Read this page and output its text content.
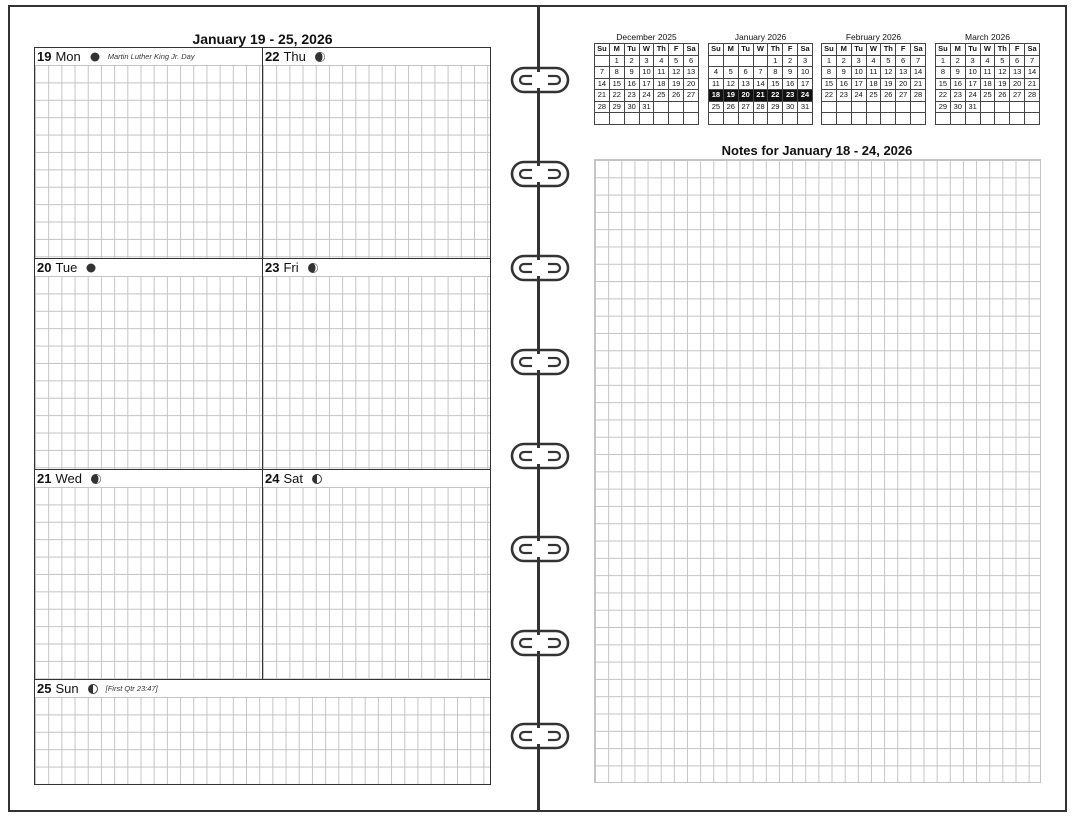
January 19 - 25, 2026
19 Mon	Martin Luther King Jr. Day
20 Tue
21 Wed
22 Thu
23 Fri
24 Sat
25 Sun	[First Qtr 23:47]
December 2025
Su	M	Tu	W	Th	F	Sa
	1	2	3	4	5	6
7	8	9	10	11	12	13
14	15	16	17	18	19	20
21	22	23	24	25	26	27
28	29	30	31			

January 2026
Su	M	Tu	W	Th	F	Sa
				1	2	3
4	5	6	7	8	9	10
11	12	13	14	15	16	17
18	19	20	21	22	23	24
25	26	27	28	29	30	31

February 2026
Su	M	Tu	W	Th	F	Sa
1	2	3	4	5	6	7
8	9	10	11	12	13	14
15	16	17	18	19	20	21
22	23	24	25	26	27	28

March 2026
Su	M	Tu	W	Th	F	Sa
1	2	3	4	5	6	7
8	9	10	11	12	13	14
15	16	17	18	19	20	21
22	23	24	25	26	27	28
29	30	31				

Notes for January 18 - 24, 2026
